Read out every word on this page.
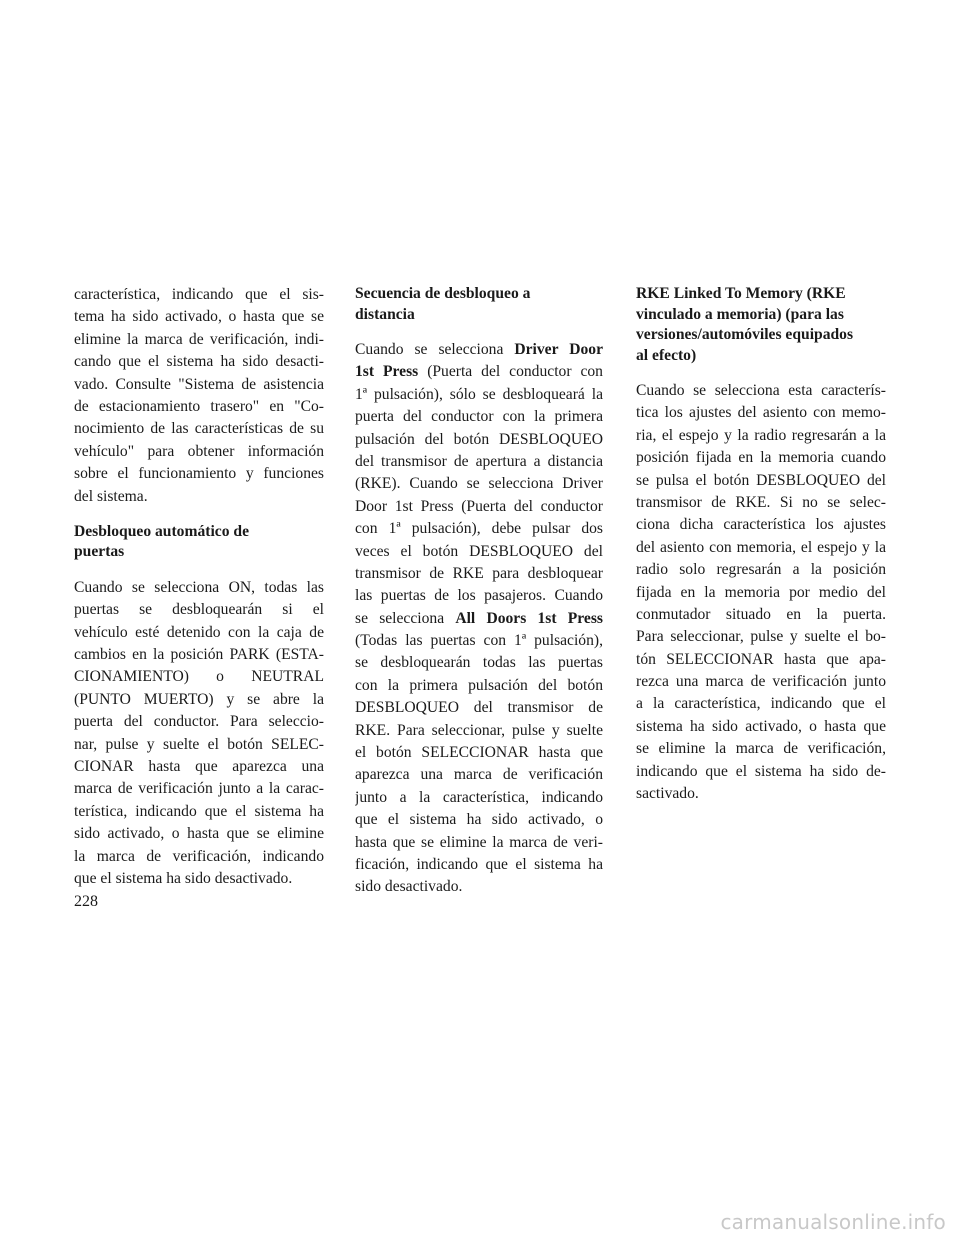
característica, indicando que el sis-
tema ha sido activado, o hasta que se
elimine la marca de verificación, indi-
cando que el sistema ha sido desacti-
vado. Consulte "Sistema de asistencia
de estacionamiento trasero" en "Co-
nocimiento de las características de su
vehículo" para obtener información
sobre el funcionamiento y funciones
del sistema.
Desbloqueo automático de
puertas
Cuando se selecciona ON, todas las
puertas se desbloquearán si el
vehículo esté detenido con la caja de
cambios en la posición PARK (ESTA-
CIONAMIENTO) o NEUTRAL
(PUNTO MUERTO) y se abre la
puerta del conductor. Para seleccio-
nar, pulse y suelte el botón SELEC-
CIONAR hasta que aparezca una
marca de verificación junto a la carac-
terística, indicando que el sistema ha
sido activado, o hasta que se elimine
la marca de verificación, indicando
que el sistema ha sido desactivado.
Secuencia de desbloqueo a
distancia
Cuando se selecciona Driver Door
1st Press (Puerta del conductor con
1ª pulsación), sólo se desbloqueará la
puerta del conductor con la primera
pulsación del botón DESBLOQUEO
del transmisor de apertura a distancia
(RKE). Cuando se selecciona Driver
Door 1st Press (Puerta del conductor
con 1ª pulsación), debe pulsar dos
veces el botón DESBLOQUEO del
transmisor de RKE para desbloquear
las puertas de los pasajeros. Cuando
se selecciona All Doors 1st Press
(Todas las puertas con 1ª pulsación),
se desbloquearán todas las puertas
con la primera pulsación del botón
DESBLOQUEO del transmisor de
RKE. Para seleccionar, pulse y suelte
el botón SELECCIONAR hasta que
aparezca una marca de verificación
junto a la característica, indicando
que el sistema ha sido activado, o
hasta que se elimine la marca de veri-
ficación, indicando que el sistema ha
sido desactivado.
RKE Linked To Memory (RKE
vinculado a memoria) (para las
versiones/automóviles equipados
al efecto)
Cuando se selecciona esta caracterís-
tica los ajustes del asiento con memo-
ria, el espejo y la radio regresarán a la
posición fijada en la memoria cuando
se pulsa el botón DESBLOQUEO del
transmisor de RKE. Si no se selec-
ciona dicha característica los ajustes
del asiento con memoria, el espejo y la
radio solo regresarán a la posición
fijada en la memoria por medio del
conmutador situado en la puerta.
Para seleccionar, pulse y suelte el bo-
tón SELECCIONAR hasta que apa-
rezca una marca de verificación junto
a la característica, indicando que el
sistema ha sido activado, o hasta que
se elimine la marca de verificación,
indicando que el sistema ha sido de-
sactivado.
228
carmanualsonline.info
